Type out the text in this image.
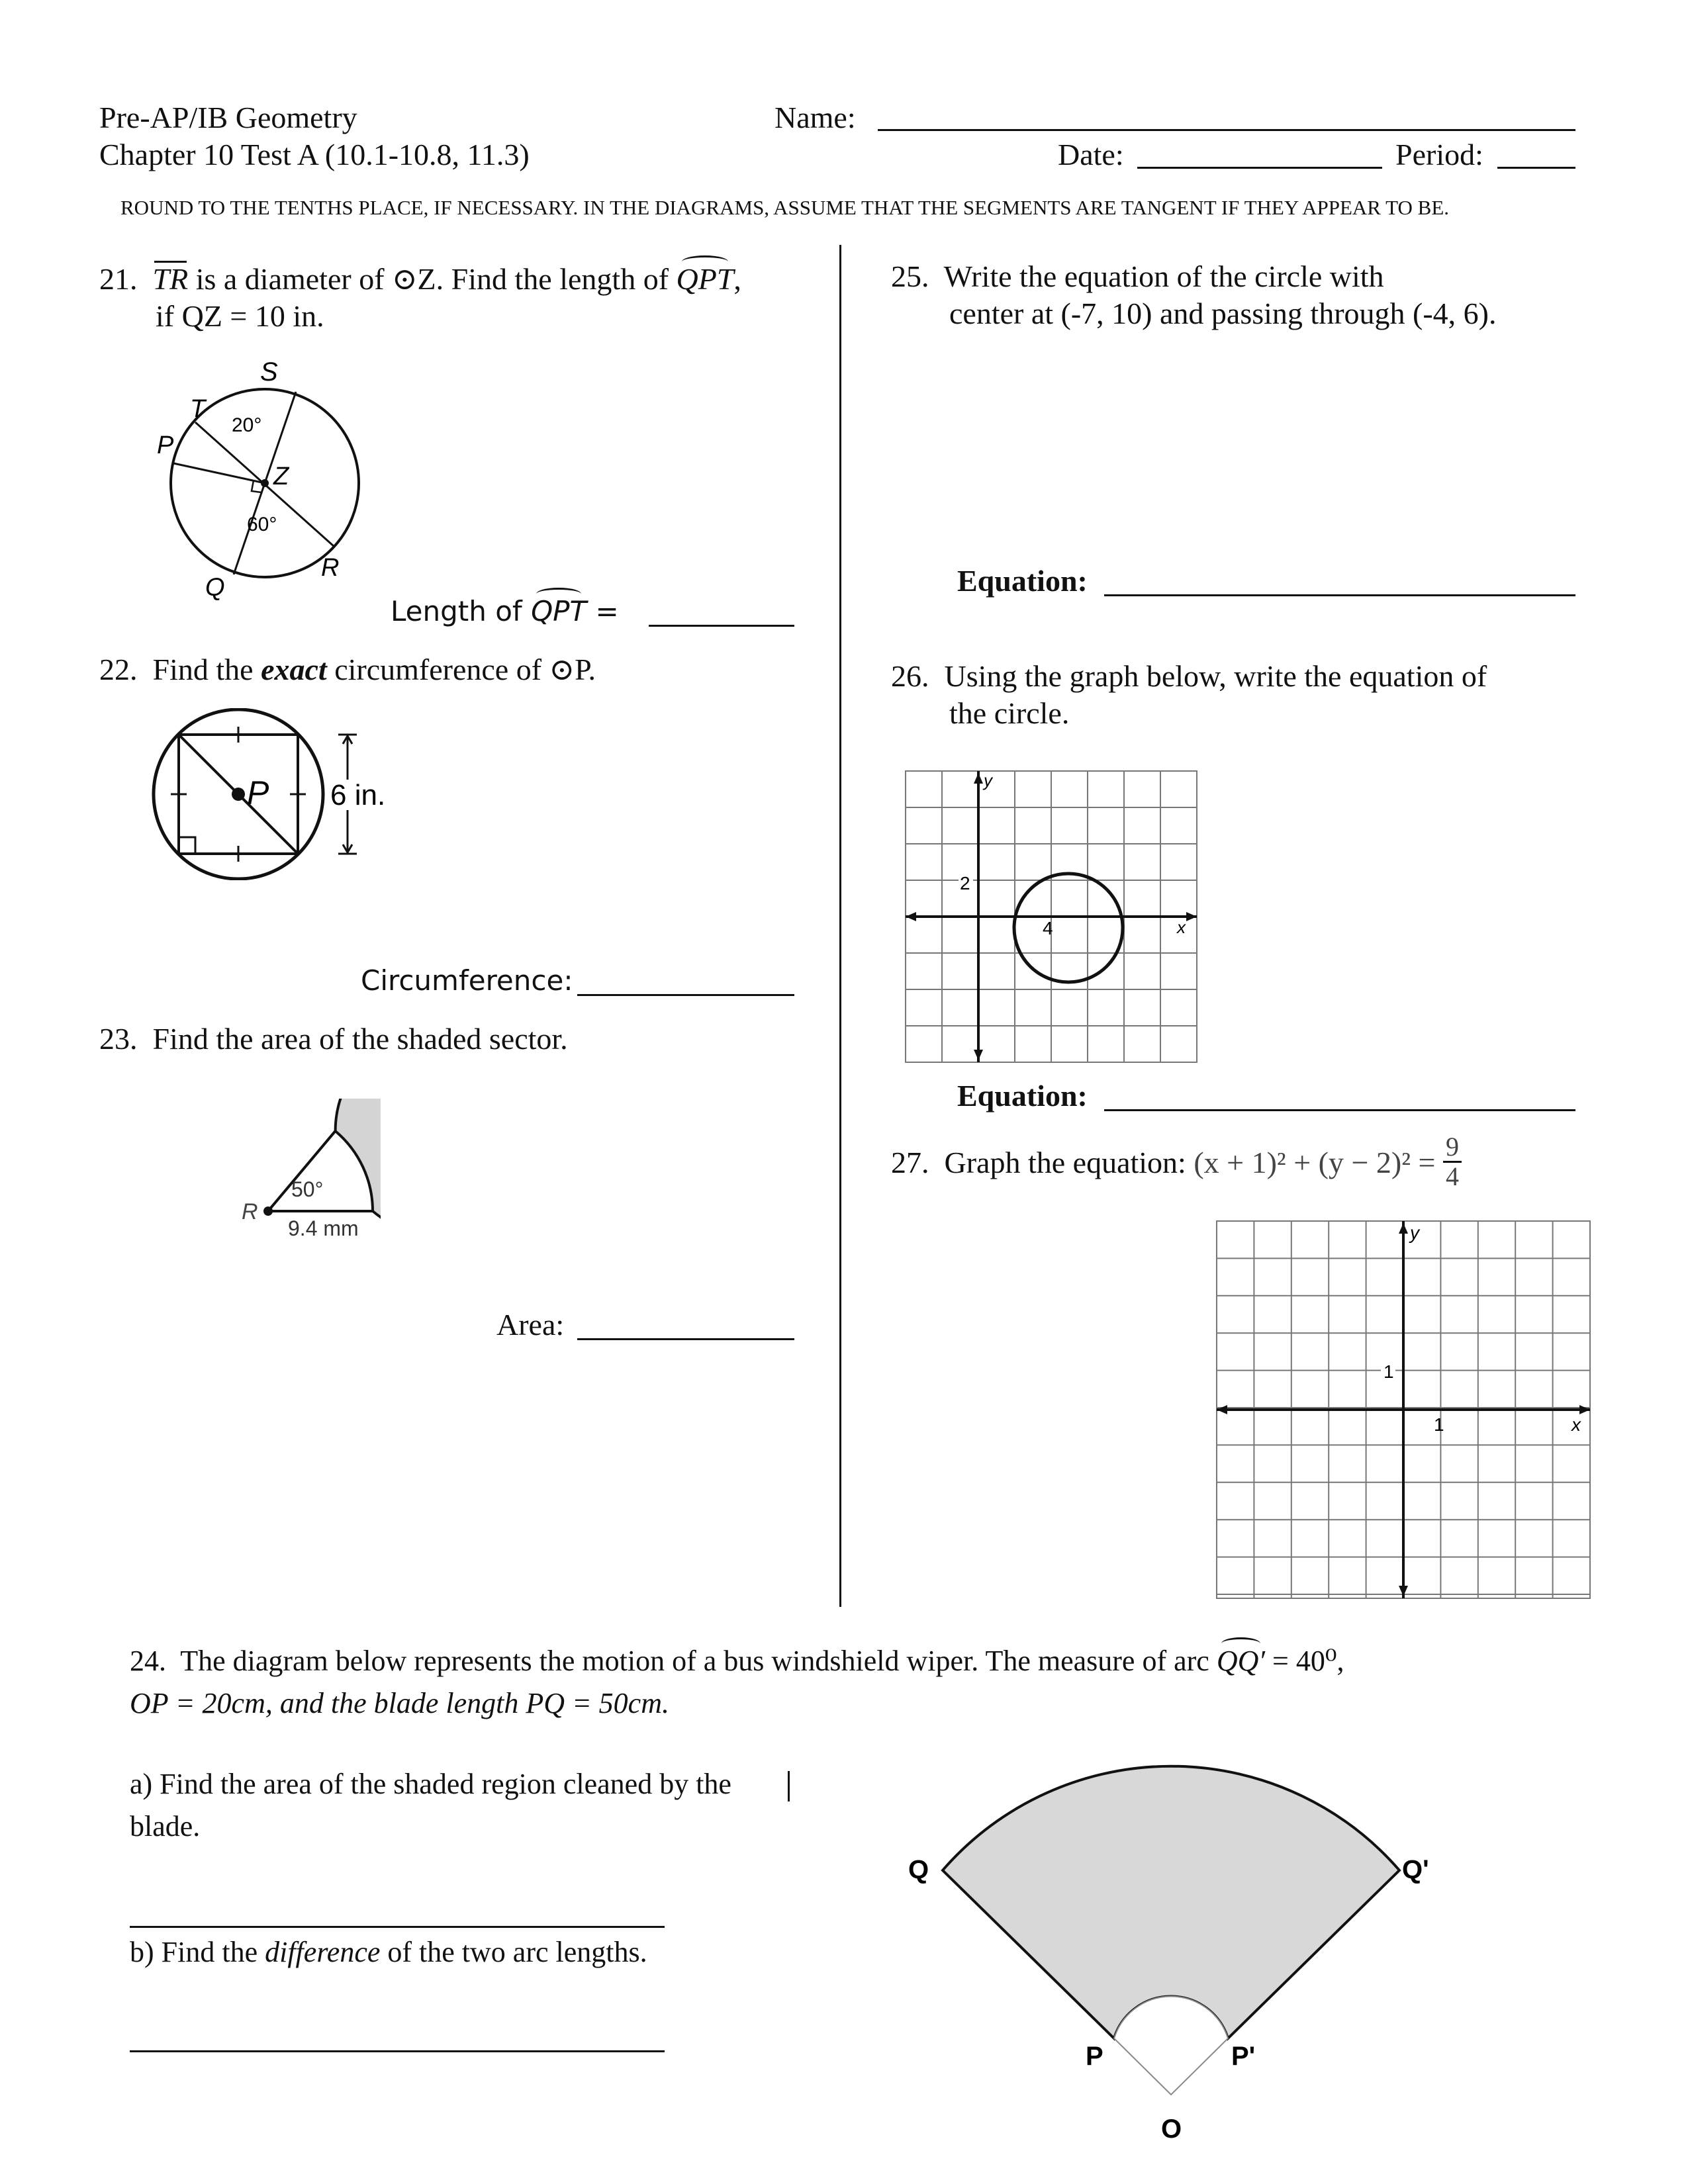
Pre-AP/IB Geometry
Chapter 10 Test A (10.1-10.8, 11.3)
Name:
Date:	Period:
ROUND TO THE TENTHS PLACE, IF NECESSARY. IN THE DIAGRAMS, ASSUME THAT THE SEGMENTS ARE TANGENT IF THEY APPEAR TO BE.
21. TR is a diameter of ⊙Z. Find the length of QPT,
if QZ = 10 in.
S
T
P
Z
Q
R
20°
60°
Length of QPT =
22. Find the exact circumference of ⊙P.
P 6 in.
Circumference:
23. Find the area of the shaded sector.
R
50°
9.4 mm
Area:
25. Write the equation of the circle with
center at (-7, 10) and passing through (-4, 6).
Equation:
26. Using the graph below, write the equation of
the circle.
y
x
2
4
Equation:
27. Graph the equation: $(x + 1)^2 + (y - 2)^2 = \frac{9}{4}$
y
x
1
1
24. The diagram below represents the motion of a bus windshield wiper. The measure of arc QQ′ = 40⁰,
OP = 20cm, and the blade length PQ = 50cm.
a) Find the area of the shaded region cleaned by the
blade.
b) Find the difference of the two arc lengths.
Q	Q'
P	P'
O
